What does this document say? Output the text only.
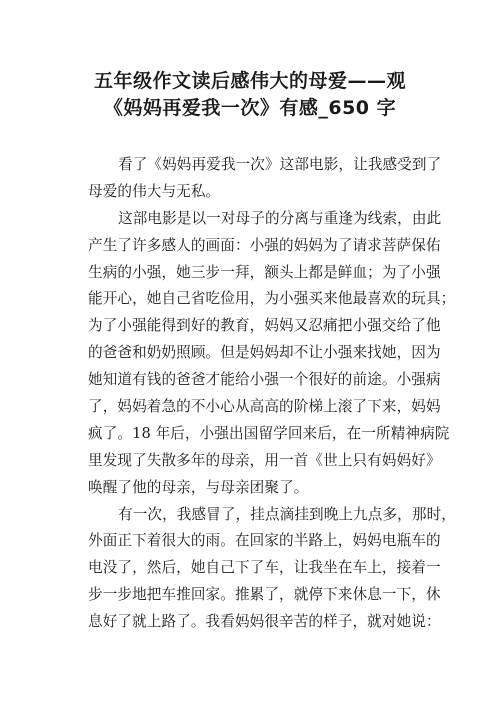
五年级作文读后感伟大的母爱——观
《妈妈再爱我一次》有感_650 字
看了《妈妈再爱我一次》这部电影，让我感受到了
母爱的伟大与无私。
这部电影是以一对母子的分离与重逢为线索，由此
产生了许多感人的画面：小强的妈妈为了请求菩萨保佑
生病的小强，她三步一拜，额头上都是鲜血；为了小强
能开心，她自己省吃俭用，为小强买来他最喜欢的玩具；
为了小强能得到好的教育，妈妈又忍痛把小强交给了他
的爸爸和奶奶照顾。但是妈妈却不让小强来找她，因为
她知道有钱的爸爸才能给小强一个很好的前途。小强病
了，妈妈着急的不小心从高高的阶梯上滚了下来，妈妈
疯了。18 年后，小强出国留学回来后，在一所精神病院
里发现了失散多年的母亲，用一首《世上只有妈妈好》
唤醒了他的母亲，与母亲团聚了。
有一次，我感冒了，挂点滴挂到晚上九点多，那时，
外面正下着很大的雨。在回家的半路上，妈妈电瓶车的
电没了，然后，她自己下了车，让我坐在车上，接着一
步一步地把车推回家。推累了，就停下来休息一下，休
息好了就上路了。我看妈妈很辛苦的样子，就对她说：
